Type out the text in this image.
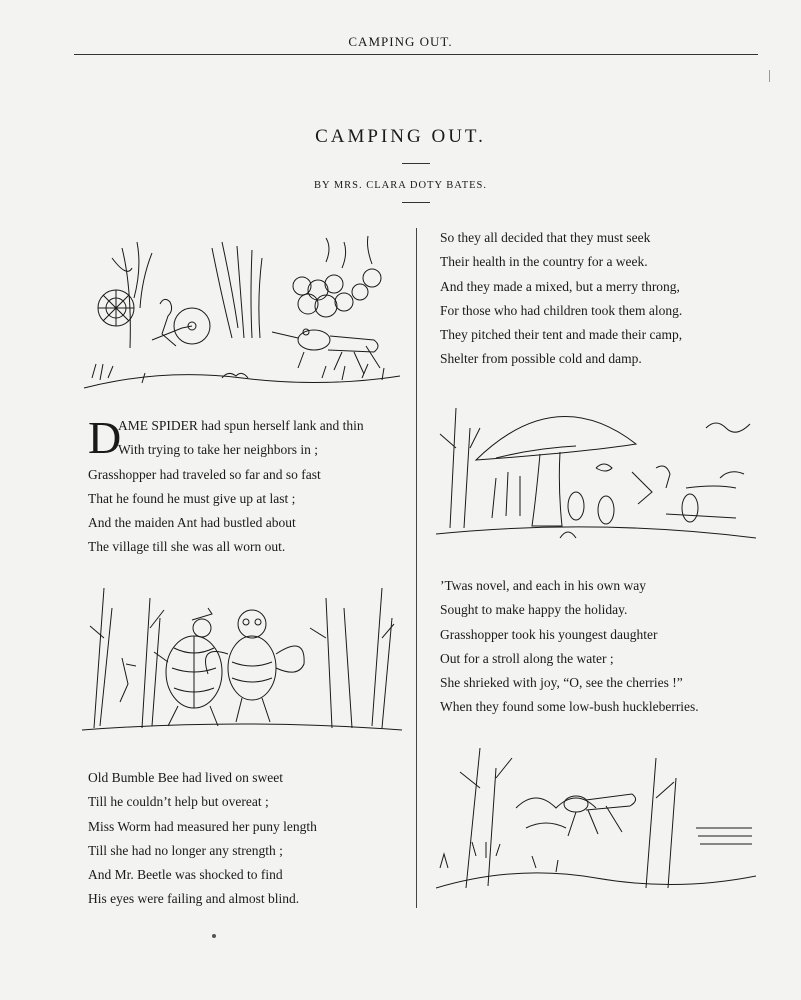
CAMPING OUT.
CAMPING OUT.
BY MRS. CLARA DOTY BATES.
D
AME SPIDER had spun herself lank and thin
With trying to take her neighbors in ;
Grasshopper had traveled so far and so fast
That he found he must give up at last ;
And the maiden Ant had bustled about
The village till she was all worn out.
Old Bumble Bee had lived on sweet
Till he couldn’t help but overeat ;
Miss Worm had measured her puny length
Till she had no longer any strength ;
And Mr. Beetle was shocked to find
His eyes were failing and almost blind.
So they all decided that they must seek
Their health in the country for a week.
And they made a mixed, but a merry throng,
For those who had children took them along.
They pitched their tent and made their camp,
Shelter from possible cold and damp.
’Twas novel, and each in his own way
Sought to make happy the holiday.
Grasshopper took his youngest daughter
Out for a stroll along the water ;
She shrieked with joy, “O, see the cherries !”
When they found some low-bush huckleberries.
